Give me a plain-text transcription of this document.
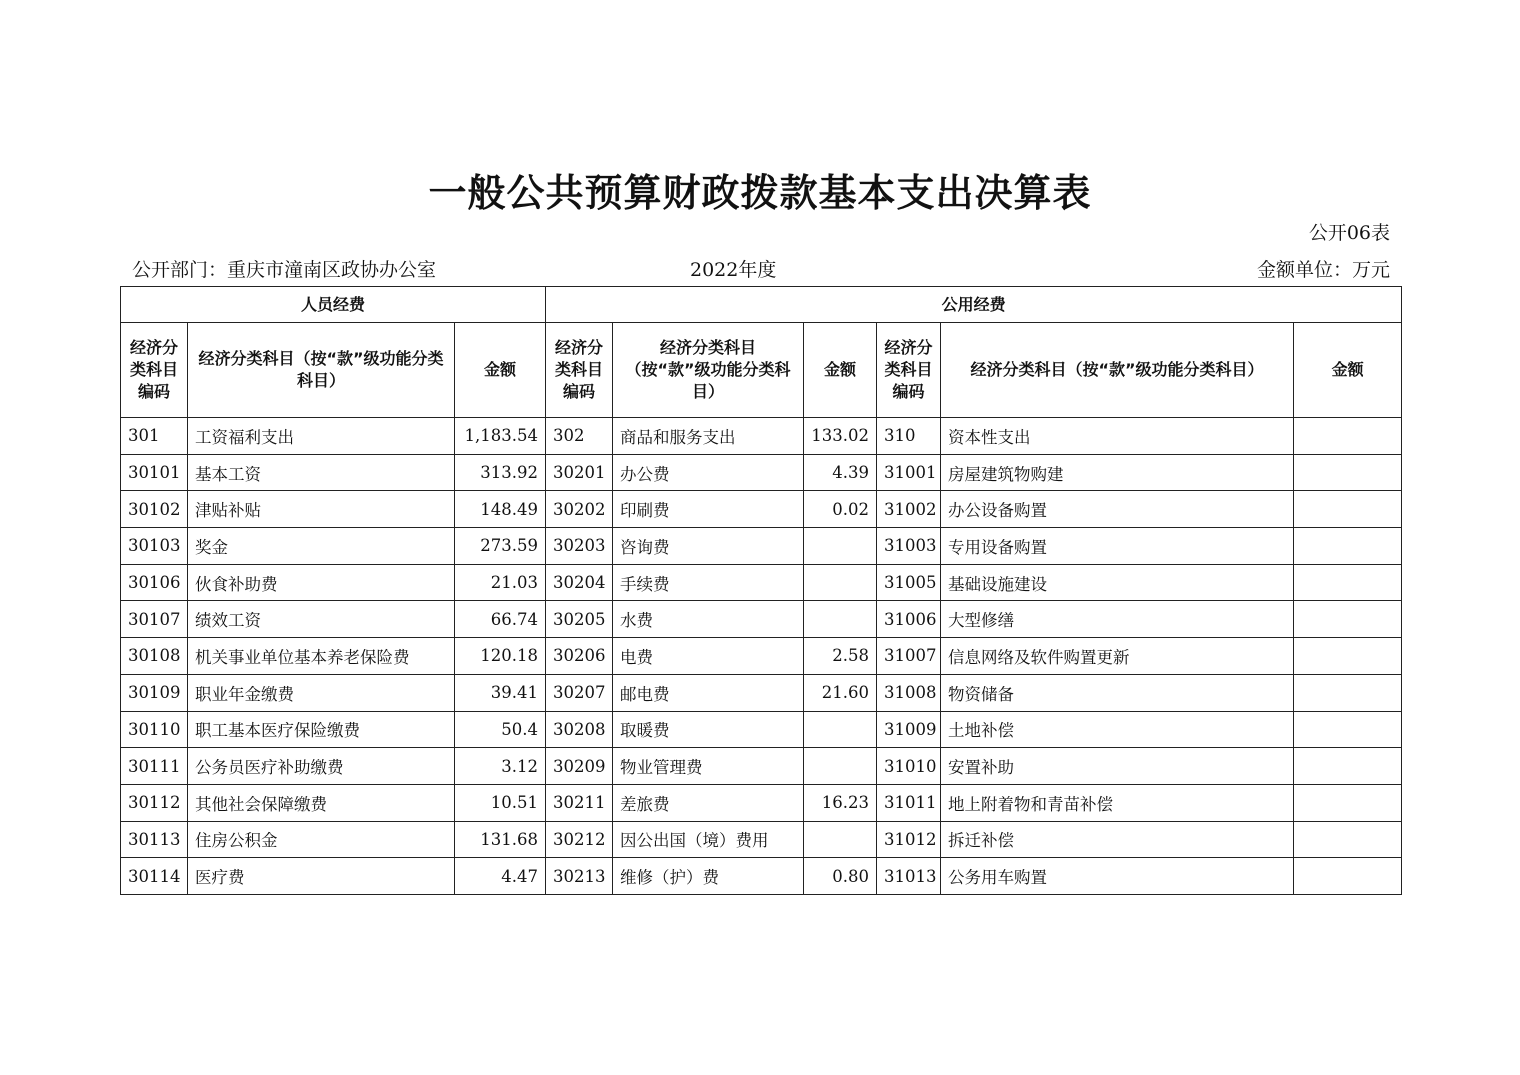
一般公共预算财政拨款基本支出决算表
公开06表
公开部门：重庆市潼南区政协办公室	2022年度	金额单位：万元
人员经费			公用经费					
经济分类科目编码	经济分类科目（按“款”级功能分类科目）	金额	经济分类科目编码	经济分类科目（按“款”级功能分类科目）	金额	经济分类科目编码	经济分类科目（按“款”级功能分类科目）	金额
301	工资福利支出	1,183.54	302	商品和服务支出	133.02	310	资本性支出	
30101	基本工资	313.92	30201	办公费	4.39	31001	房屋建筑物购建	
30102	津贴补贴	148.49	30202	印刷费	0.02	31002	办公设备购置	
30103	奖金	273.59	30203	咨询费		31003	专用设备购置	
30106	伙食补助费	21.03	30204	手续费		31005	基础设施建设	
30107	绩效工资	66.74	30205	水费		31006	大型修缮	
30108	机关事业单位基本养老保险费	120.18	30206	电费	2.58	31007	信息网络及软件购置更新	
30109	职业年金缴费	39.41	30207	邮电费	21.60	31008	物资储备	
30110	职工基本医疗保险缴费	50.4	30208	取暖费		31009	土地补偿	
30111	公务员医疗补助缴费	3.12	30209	物业管理费		31010	安置补助	
30112	其他社会保障缴费	10.51	30211	差旅费	16.23	31011	地上附着物和青苗补偿	
30113	住房公积金	131.68	30212	因公出国（境）费用		31012	拆迁补偿	
30114	医疗费	4.47	30213	维修（护）费	0.80	31013	公务用车购置	
